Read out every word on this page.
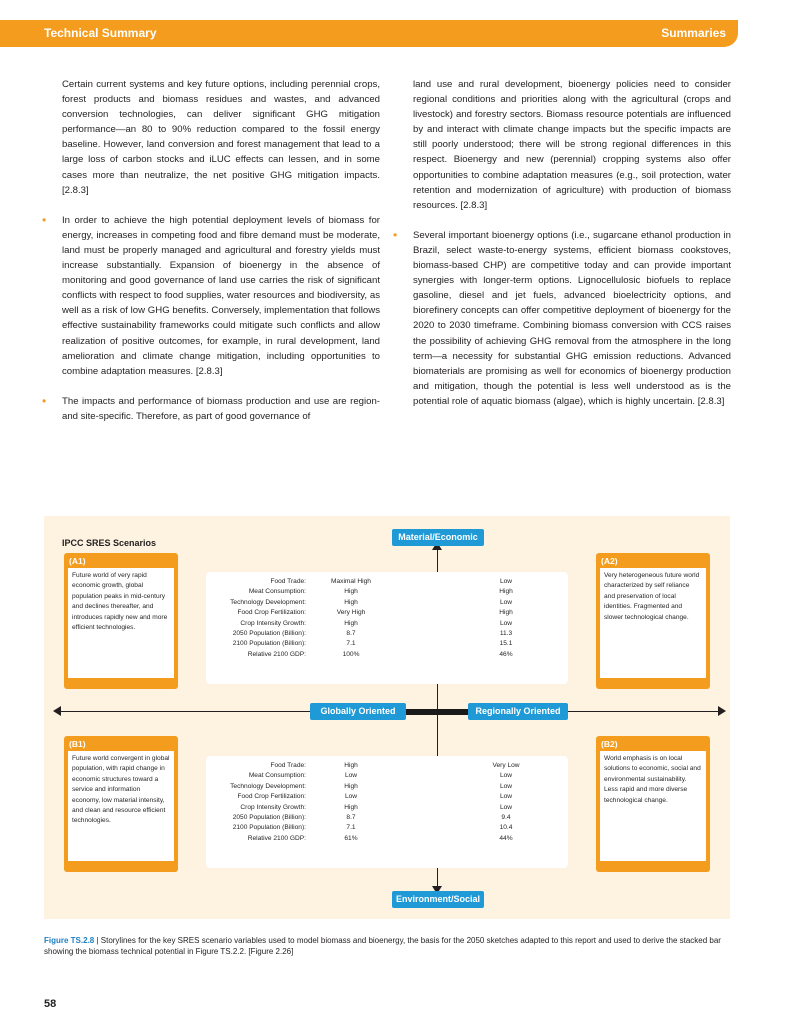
Technical Summary	Summaries

Certain current systems and key future options, including perennial crops, forest products and biomass residues and wastes, and advanced conversion technologies, can deliver significant GHG mitigation performance—an 80 to 90% reduction compared to the fossil energy baseline. However, land conversion and forest management that lead to a large loss of carbon stocks and iLUC effects can lessen, and in some cases more than neutralize, the net positive GHG mitigation impacts. [2.8.3]

• In order to achieve the high potential deployment levels of biomass for energy, increases in competing food and fibre demand must be moderate, land must be properly managed and agricultural and forestry yields must increase substantially. Expansion of bioenergy in the absence of monitoring and good governance of land use carries the risk of significant conflicts with respect to food supplies, water resources and biodiversity, as well as a risk of low GHG benefits. Conversely, implementation that follows effective sustainability frameworks could mitigate such conflicts and allow realization of positive outcomes, for example, in rural development, land amelioration and climate change mitigation, including opportunities to combine adaptation measures. [2.8.3]

• The impacts and performance of biomass production and use are region- and site-specific. Therefore, as part of good governance of

land use and rural development, bioenergy policies need to consider regional conditions and priorities along with the agricultural (crops and livestock) and forestry sectors. Biomass resource potentials are influenced by and interact with climate change impacts but the specific impacts are still poorly understood; there will be strong regional differences in this respect. Bioenergy and new (perennial) cropping systems also offer opportunities to combine adaptation measures (e.g., soil protection, water retention and modernization of agriculture) with production of biomass resources. [2.8.3]

• Several important bioenergy options (i.e., sugarcane ethanol production in Brazil, select waste-to-energy systems, efficient biomass cookstoves, biomass-based CHP) are competitive today and can provide important synergies with longer-term options. Lignocellulosic biofuels to replace gasoline, diesel and jet fuels, advanced bioelectricity options, and biorefinery concepts can offer competitive deployment of bioenergy for the 2020 to 2030 timeframe. Combining biomass conversion with CCS raises the possibility of achieving GHG removal from the atmosphere in the long term—a necessity for substantial GHG emission reductions. Advanced biomaterials are promising as well for economics of bioenergy production and mitigation, though the potential is less well understood as is the potential role of aquatic biomass (algae), which is highly uncertain. [2.8.3]

IPCC SRES Scenarios
Material/Economic
Environment/Social
Globally Oriented	Regionally Oriented
(A1)
Future world of very rapid economic growth, global population peaks in mid-century and declines thereafter, and introduces rapidly new and more efficient technologies.
(A2)
Very heterogeneous future world characterized by self reliance and preservation of local identities. Fragmented and slower technological change.
(B1)
Future world convergent in global population, with rapid change in economic structures toward a service and information economy, low material intensity, and clean and resource efficient technologies.
(B2)
World emphasis is on local solutions to economic, social and environmental sustainability. Less rapid and more diverse technological change.
Food Trade:
Meat Consumption:
Technology Development:
Food Crop Fertilization:
Crop Intensity Growth:
2050 Population (Billion):
2100 Population (Billion):
Relative 2100 GDP:
Maximal High
High
High
Very High
High
8.7
7.1
100%
Low
High
Low
High
Low
11.3
15.1
46%
Food Trade:
Meat Consumption:
Technology Development:
Food Crop Fertilization:
Crop Intensity Growth:
2050 Population (Billion):
2100 Population (Billion):
Relative 2100 GDP:
High
Low
High
Low
High
8.7
7.1
61%
Very Low
Low
Low
Low
Low
9.4
10.4
44%
Figure TS.2.8 | Storylines for the key SRES scenario variables used to model biomass and bioenergy, the basis for the 2050 sketches adapted to this report and used to derive the stacked bar showing the biomass technical potential in Figure TS.2.2. [Figure 2.26]
58
